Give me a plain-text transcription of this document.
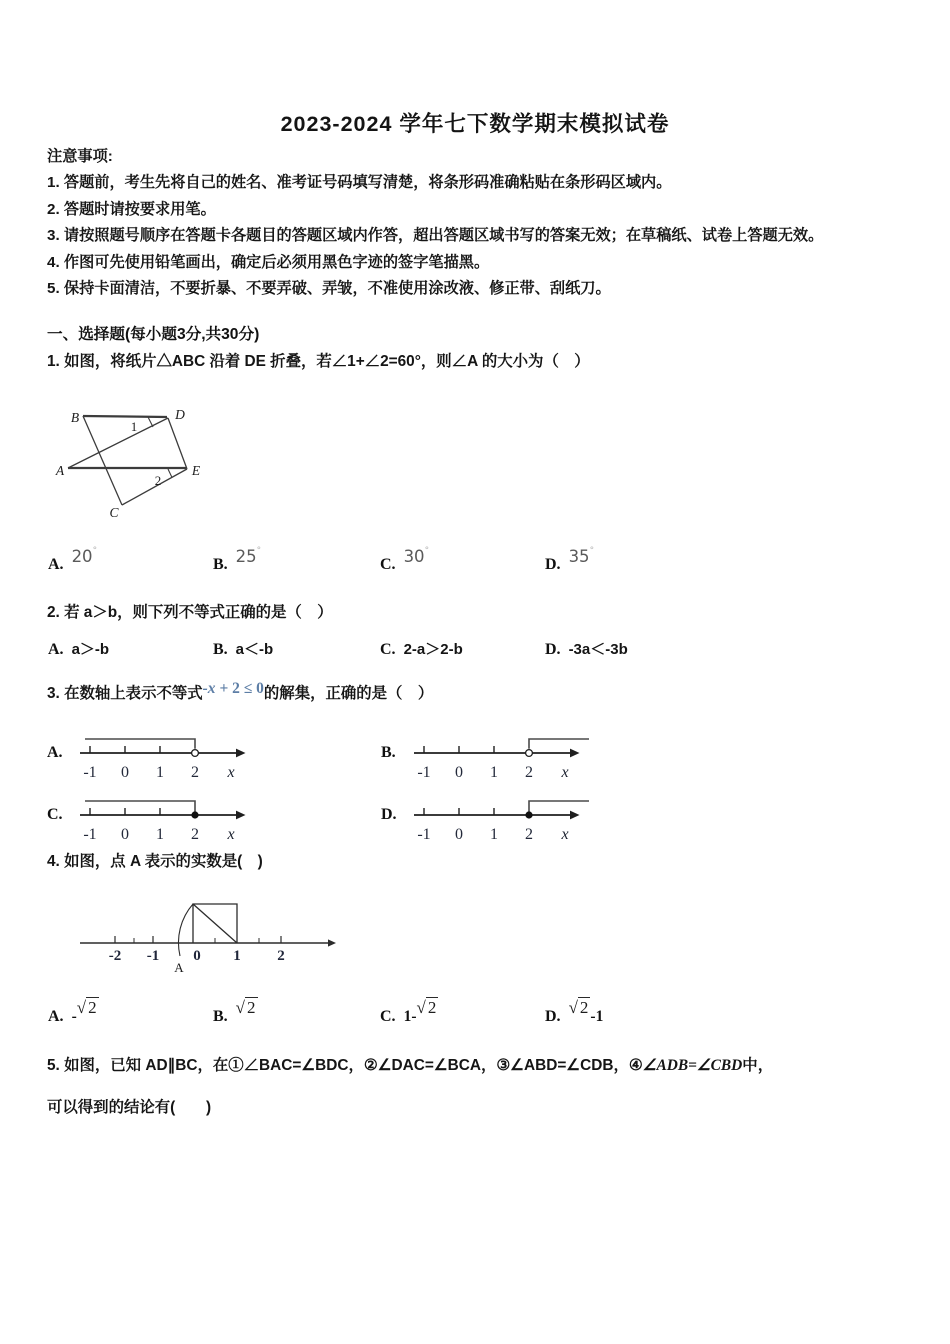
2023-2024 学年七下数学期末模拟试卷
注意事项:
1. 答题前，考生先将自己的姓名、准考证号码填写清楚，将条形码准确粘贴在条形码区域内。
2. 答题时请按要求用笔。
3. 请按照题号顺序在答题卡各题目的答题区域内作答，超出答题区域书写的答案无效；在草稿纸、试卷上答题无效。
4. 作图可先使用铅笔画出，确定后必须用黑色字迹的签字笔描黑。
5. 保持卡面清洁，不要折暴、不要弄破、弄皱，不准使用涂改液、修正带、刮纸刀。
一、选择题(每小题3分,共30分)
1. 如图，将纸片△ABC 沿着 DE 折叠，若∠1+∠2=60°，则∠A 的大小为（　）
B	D
A	E
C
1
2
A. 20°
B. 25°
C. 30°
D. 35°
2. 若 a＞b，则下列不等式正确的是（　）
A. a＞-b	B. a＜-b	C. 2-a＞2-b	D. -3a＜-3b
3. 在数轴上表示不等式-x + 2 ≤ 0的解集，正确的是（　）
A.
-1 0 1 2 x
B.
-1 0 1 2 x
C.
-1 0 1 2 x
D.
-1 0 1 2 x
4. 如图，点 A 表示的实数是(　)
-2 -1 0 1 2
A
A. -√ 2	B. √ 2	C. 1-√ 2	D. √ 2 -1
5. 如图，已知 AD∥BC，在①∠BAC=∠BDC，②∠DAC=∠BCA，③∠ABD=∠CDB，④∠ADB=∠CBD中，
可以得到的结论有(　　)
